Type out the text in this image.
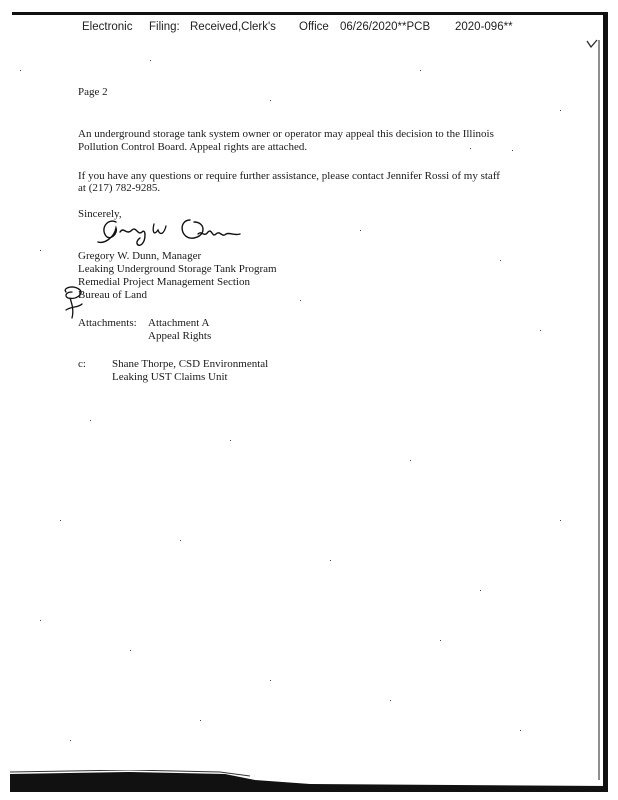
Electronic Filing: Received,Clerk's Office 06/26/2020**PCB 2020-096**
Page 2
An underground storage tank system owner or operator may appeal this decision to the Illinois
Pollution Control Board. Appeal rights are attached.
If you have any questions or require further assistance, please contact Jennifer Rossi of my staff
at (217) 782-9285.
Sincerely,
Gregory W. Dunn, Manager
Leaking Underground Storage Tank Program
Remedial Project Management Section
Bureau of Land
Attachments: Attachment A
Appeal Rights
c: Shane Thorpe, CSD Environmental
Leaking UST Claims Unit
